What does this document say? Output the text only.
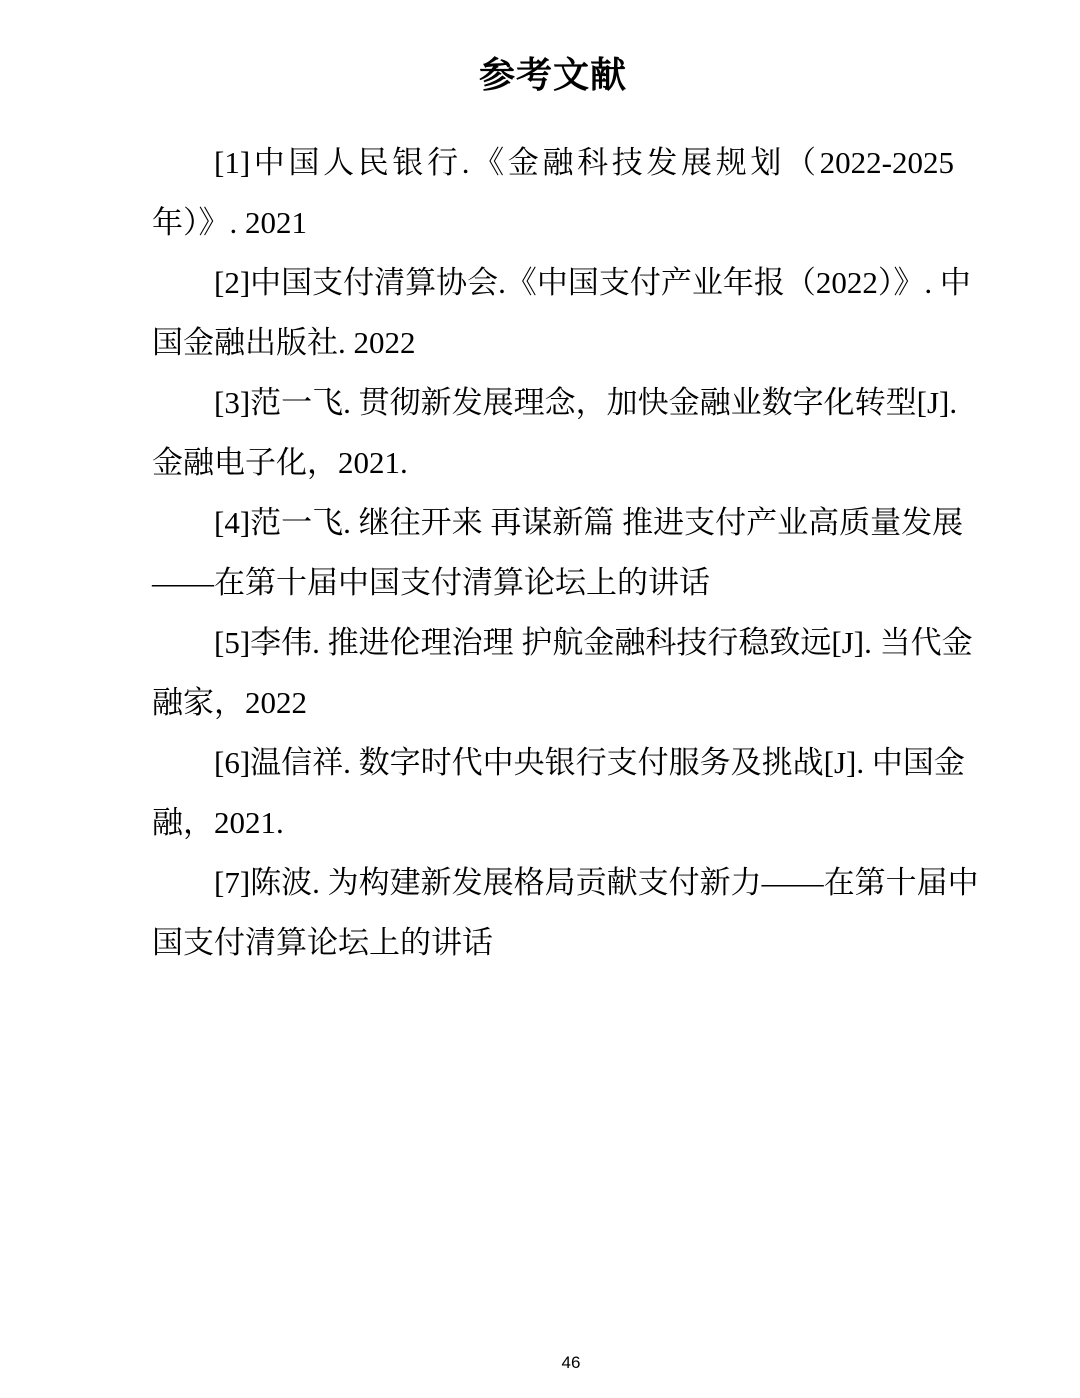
参考文献
[1]中国人民银行.《金融科技发展规划（2022-2025
年）》. 2021
[2]中国支付清算协会.《中国支付产业年报（2022）》. 中
国金融出版社. 2022
[3]范一飞. 贯彻新发展理念，加快金融业数字化转型[J].
金融电子化，2021.
[4]范一飞. 继往开来 再谋新篇 推进支付产业高质量发展
——在第十届中国支付清算论坛上的讲话
[5]李伟. 推进伦理治理 护航金融科技行稳致远[J]. 当代金
融家，2022
[6]温信祥. 数字时代中央银行支付服务及挑战[J]. 中国金
融，2021.
[7]陈波. 为构建新发展格局贡献支付新力——在第十届中
国支付清算论坛上的讲话
46
